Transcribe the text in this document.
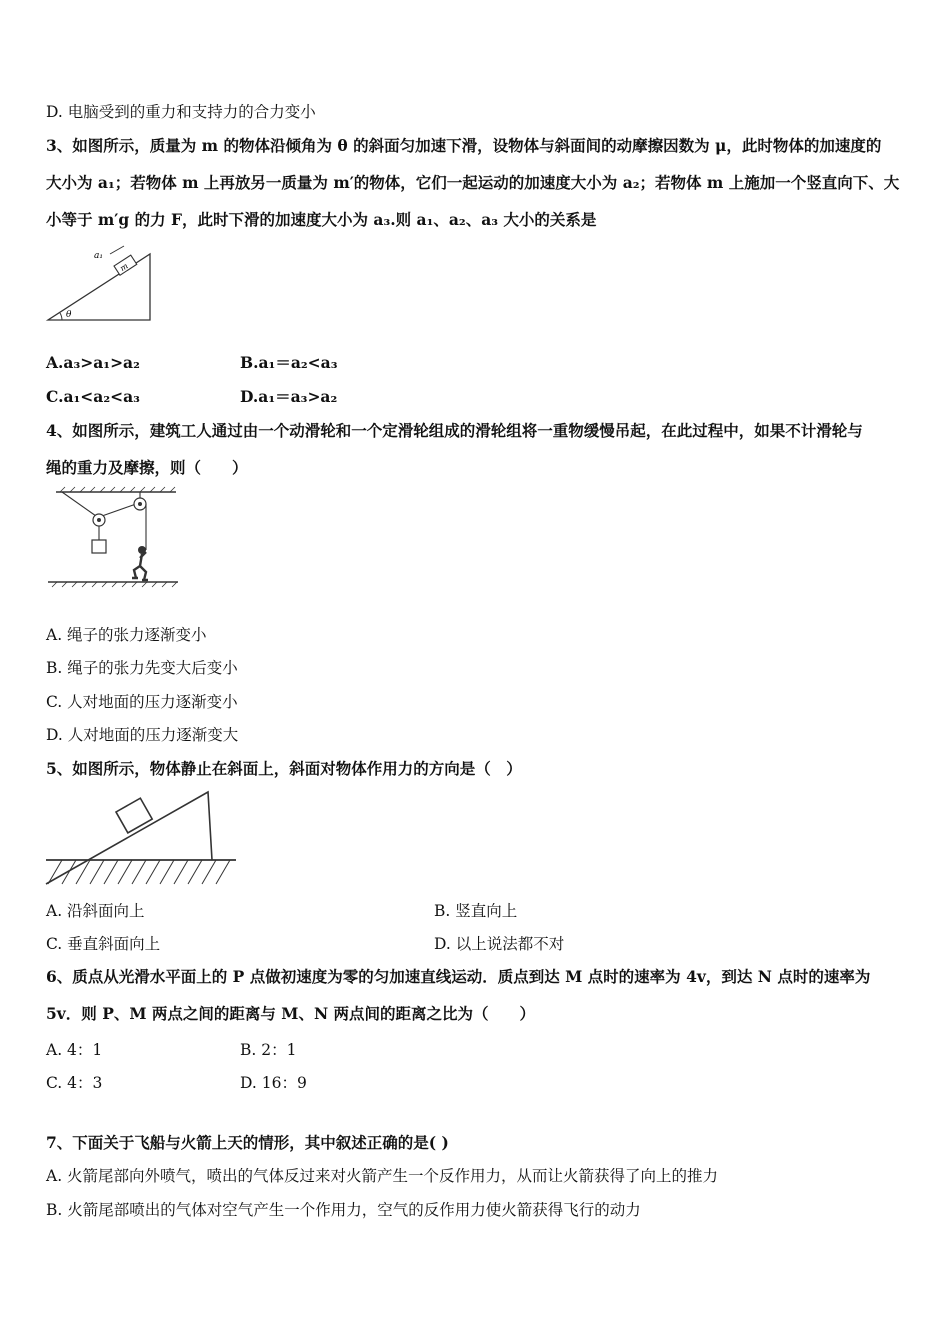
D. 电脑受到的重力和支持力的合力变小
3、如图所示，质量为 m 的物体沿倾角为 θ 的斜面匀加速下滑，设物体与斜面间的动摩擦因数为 μ，此时物体的加速度的
大小为 a₁；若物体 m 上再放另一质量为 m′的物体，它们一起运动的加速度大小为 a₂；若物体 m 上施加一个竖直向下、大
小等于 m′g 的力 F，此时下滑的加速度大小为 a₃.则 a₁、a₂、a₃ 大小的关系是
m
a₁
θ
A.a₃>a₁>a₂	B.a₁＝a₂<a₃
C.a₁<a₂<a₃	D.a₁＝a₃>a₂
4、如图所示，建筑工人通过由一个动滑轮和一个定滑轮组成的滑轮组将一重物缓慢吊起，在此过程中，如果不计滑轮与
绳的重力及摩擦，则（　　）
A. 绳子的张力逐渐变小
B. 绳子的张力先变大后变小
C. 人对地面的压力逐渐变小
D. 人对地面的压力逐渐变大
5、如图所示，物体静止在斜面上，斜面对物体作用力的方向是（　）
A. 沿斜面向上	B. 竖直向上
C. 垂直斜面向上	D. 以上说法都不对
6、质点从光滑水平面上的 P 点做初速度为零的匀加速直线运动．质点到达 M 点时的速率为 4v，到达 N 点时的速率为
5v．则 P、M 两点之间的距离与 M、N 两点间的距离之比为（　　）
A. 4：1	B. 2：1
C. 4：3	D. 16：9
7、下面关于飞船与火箭上天的情形，其中叙述正确的是( )
A. 火箭尾部向外喷气，喷出的气体反过来对火箭产生一个反作用力，从而让火箭获得了向上的推力
B. 火箭尾部喷出的气体对空气产生一个作用力，空气的反作用力使火箭获得飞行的动力
